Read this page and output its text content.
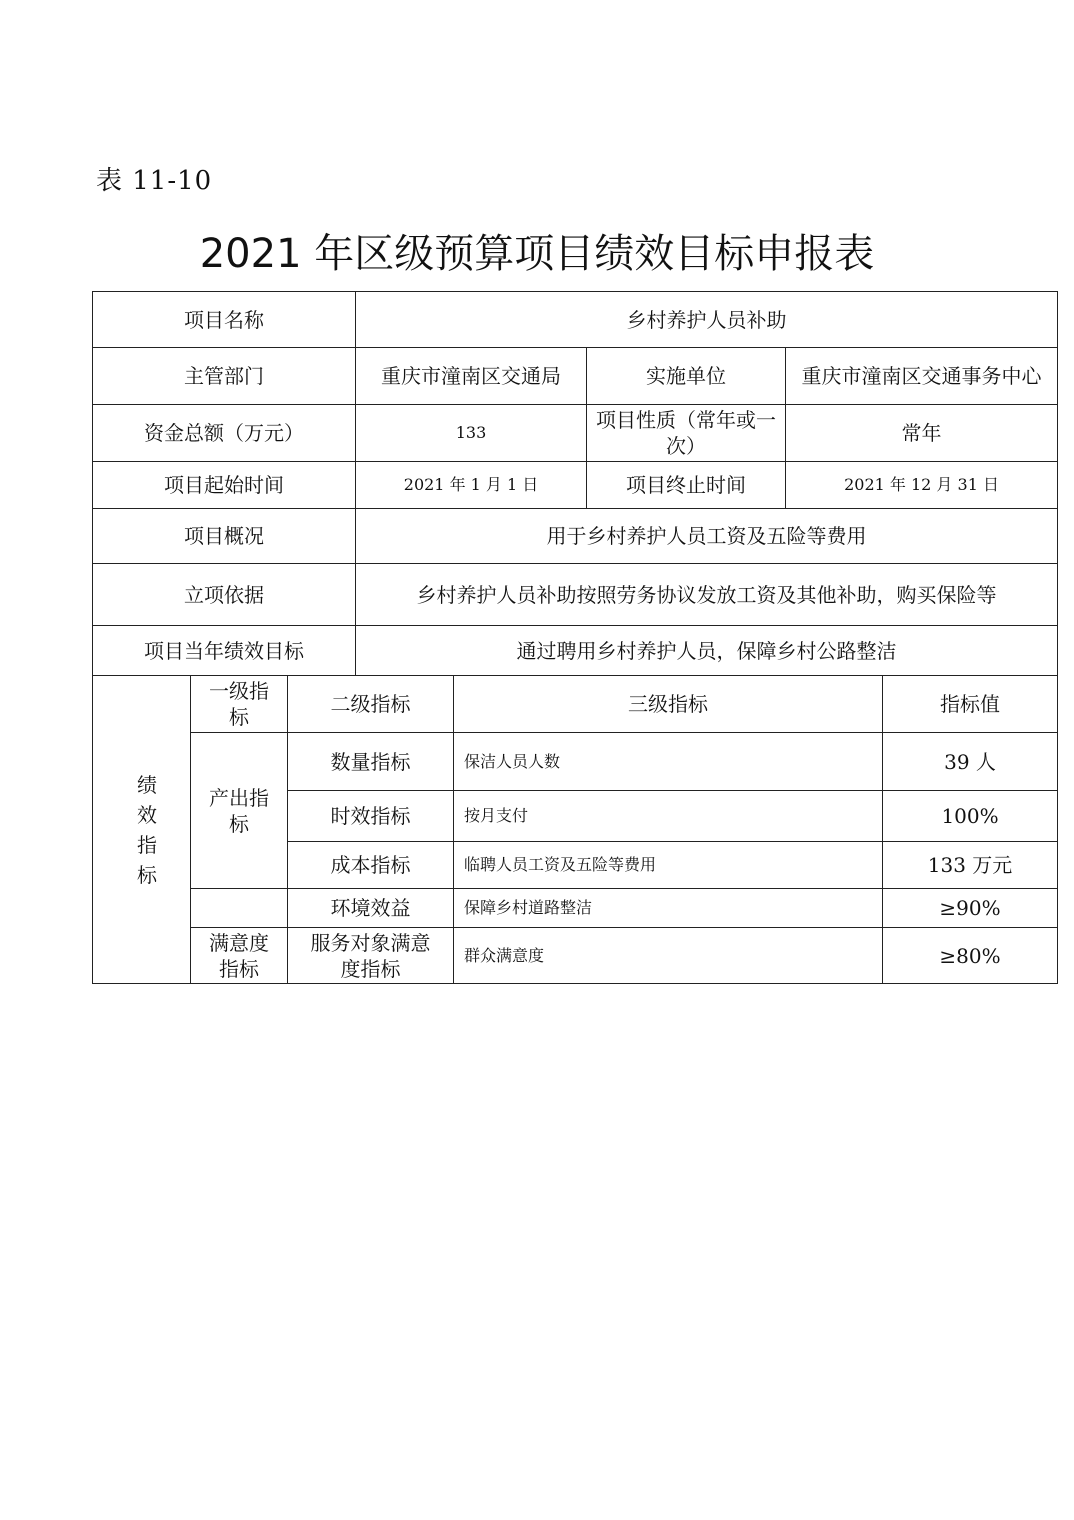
表 11-10
2021 年区级预算项目绩效目标申报表
项目名称			乡村养护人员补助				
主管部门			重庆市潼南区交通局		实施单位	重庆市潼南区交通事务中心	
资金总额（万元）			133		项目性质（常年或一次）	常年	
项目起始时间			2021 年 1 月 1 日		项目终止时间	2021 年 12 月 31 日	
项目概况			用于乡村养护人员工资及五险等费用				
立项依据			乡村养护人员补助按照劳务协议发放工资及其他补助，购买保险等				
项目当年绩效目标			通过聘用乡村养护人员，保障乡村公路整洁				
绩效指标	一级指标	二级指标		三级指标			指标值
	产出指标	数量指标		保洁人员人数			39 人
		时效指标		按月支付			100%
		成本指标		临聘人员工资及五险等费用			133 万元
		环境效益		保障乡村道路整洁			≥90%
	满意度指标	服务对象满意度指标		群众满意度			≥80%
